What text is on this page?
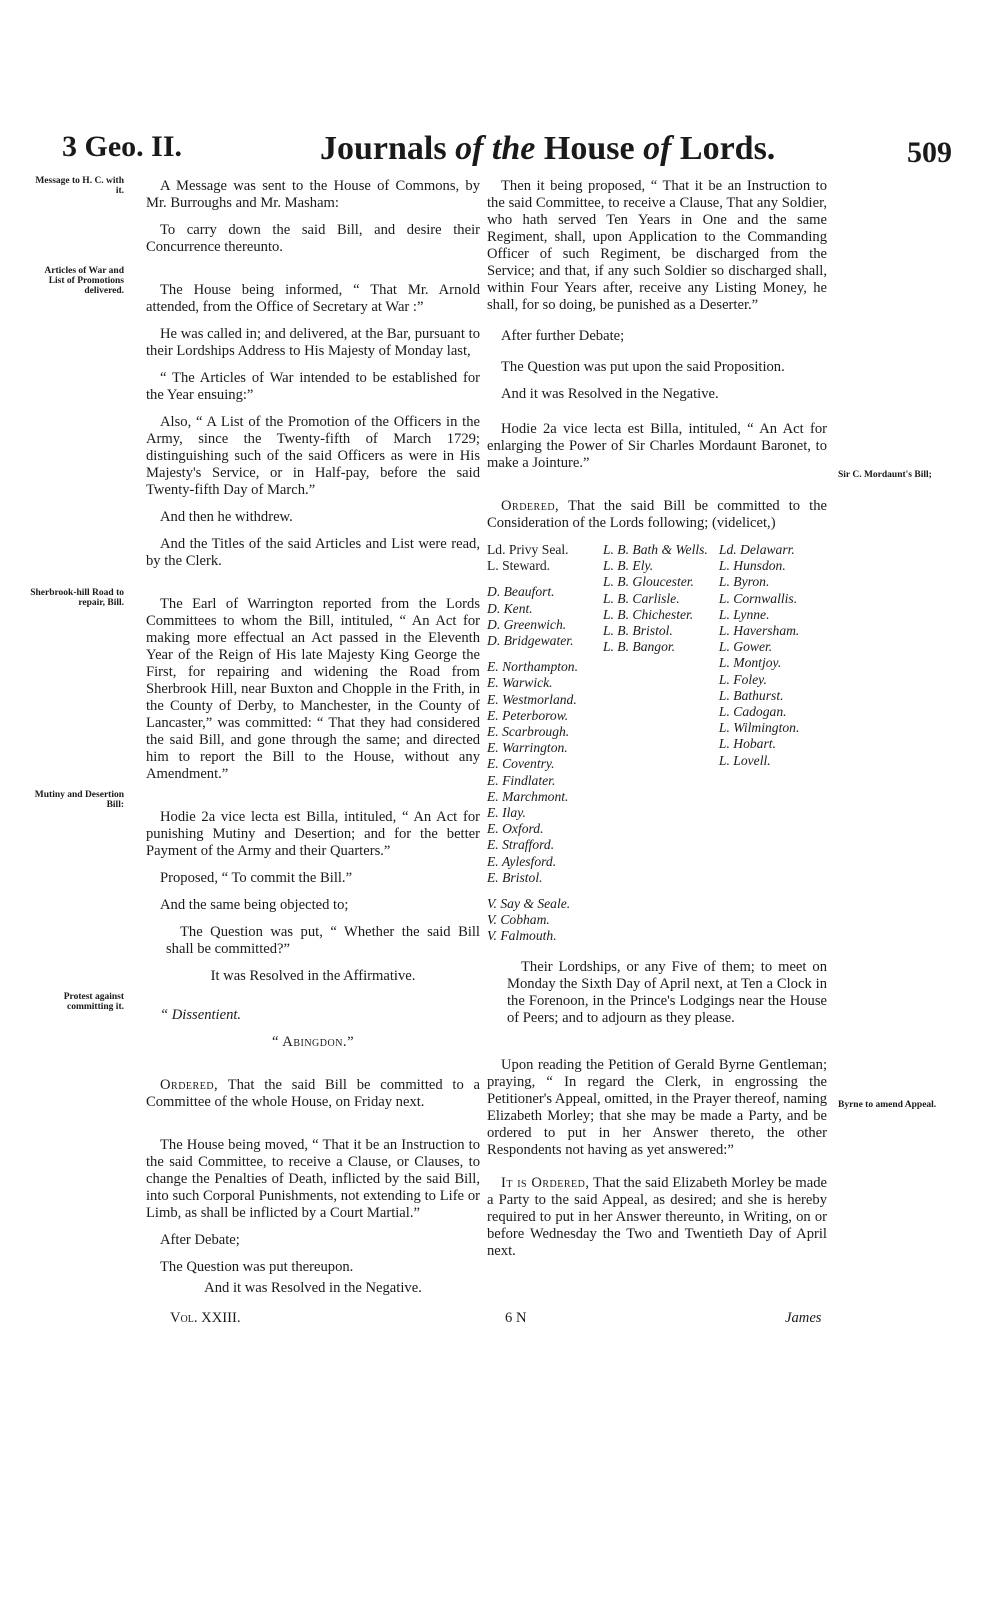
3 Geo. II.	Journals of the House of Lords.	509
Message to H. C. with it.
Articles of War and List of Promotions delivered.
Sherbrook-hill Road to repair, Bill.
Mutiny and Desertion Bill:
Protest against committing it.
Sir C. Mordaunt's Bill;
Byrne to amend Appeal.

A Message was sent to the House of Commons, by Mr. Burroughs and Mr. Masham:

To carry down the said Bill, and desire their Concurrence thereunto.

The House being informed, “ That Mr. Arnold attended, from the Office of Secretary at War :”

He was called in; and delivered, at the Bar, pursuant to their Lordships Address to His Majesty of Monday last,

“ The Articles of War intended to be established for the Year ensuing:”

Also, “ A List of the Promotion of the Officers in the Army, since the Twenty-fifth of March 1729; distinguishing such of the said Officers as were in His Majesty's Service, or in Half-pay, before the said Twenty-fifth Day of March.”

And then he withdrew.

And the Titles of the said Articles and List were read, by the Clerk.

The Earl of Warrington reported from the Lords Committees to whom the Bill, intituled, “ An Act for making more effectual an Act passed in the Eleventh Year of the Reign of His late Majesty King George the First, for repairing and widening the Road from Sherbrook Hill, near Buxton and Chopple in the Frith, in the County of Derby, to Manchester, in the County of Lancaster,” was committed: “ That they had considered the said Bill, and gone through the same; and directed him to report the Bill to the House, without any Amendment.”

Hodie 2a vice lecta est Billa, intituled, “ An Act for punishing Mutiny and Desertion; and for the better Payment of the Army and their Quarters.”

Proposed, “ To commit the Bill.”

And the same being objected to;

The Question was put, “ Whether the said Bill shall be committed?”

It was Resolved in the Affirmative.

“ Dissentient.

“ Abingdon.”

Ordered, That the said Bill be committed to a Committee of the whole House, on Friday next.

The House being moved, “ That it be an Instruction to the said Committee, to receive a Clause, or Clauses, to change the Penalties of Death, inflicted by the said Bill, into such Corporal Punishments, not extending to Life or Limb, as shall be inflicted by a Court Martial.”

After Debate;

The Question was put thereupon.

And it was Resolved in the Negative.

Then it being proposed, “ That it be an Instruction to the said Committee, to receive a Clause, That any Soldier, who hath served Ten Years in One and the same Regiment, shall, upon Application to the Commanding Officer of such Regiment, be discharged from the Service; and that, if any such Soldier so discharged shall, within Four Years after, receive any Listing Money, he shall, for so doing, be punished as a Deserter.”

After further Debate;

The Question was put upon the said Proposition.

And it was Resolved in the Negative.

Hodie 2a vice lecta est Billa, intituled, “ An Act for enlarging the Power of Sir Charles Mordaunt Baronet, to make a Jointure.”

Ordered, That the said Bill be committed to the Consideration of the Lords following; (videlicet,)

Ld. Privy Seal.
L. Steward.
D. Beaufort.
D. Kent.
D. Greenwich.
D. Bridgewater.
E. Northampton.
E. Warwick.
E. Westmorland.
E. Peterborow.
E. Scarbrough.
E. Warrington.
E. Coventry.
E. Findlater.
E. Marchmont.
E. Ilay.
E. Oxford.
E. Strafford.
E. Aylesford.
E. Bristol.
V. Say & Seale.
V. Cobham.
V. Falmouth.
L. B. Bath & Wells.
L. B. Ely.
L. B. Gloucester.
L. B. Carlisle.
L. B. Chichester.
L. B. Bristol.
L. B. Bangor.
Ld. Delawarr.
L. Hunsdon.
L. Byron.
L. Cornwallis.
L. Lynne.
L. Haversham.
L. Gower.
L. Montjoy.
L. Foley.
L. Bathurst.
L. Cadogan.
L. Wilmington.
L. Hobart.
L. Lovell.

Their Lordships, or any Five of them; to meet on Monday the Sixth Day of April next, at Ten a Clock in the Forenoon, in the Prince's Lodgings near the House of Peers; and to adjourn as they please.

Upon reading the Petition of Gerald Byrne Gentleman; praying, “ In regard the Clerk, in engrossing the Petitioner's Appeal, omitted, in the Prayer thereof, naming Elizabeth Morley; that she may be made a Party, and be ordered to put in her Answer thereto, the other Respondents not having as yet answered:”

It is Ordered, That the said Elizabeth Morley be made a Party to the said Appeal, as desired; and she is hereby required to put in her Answer thereunto, in Writing, on or before Wednesday the Two and Twentieth Day of April next.

Vol. XXIII.	6 N	James
